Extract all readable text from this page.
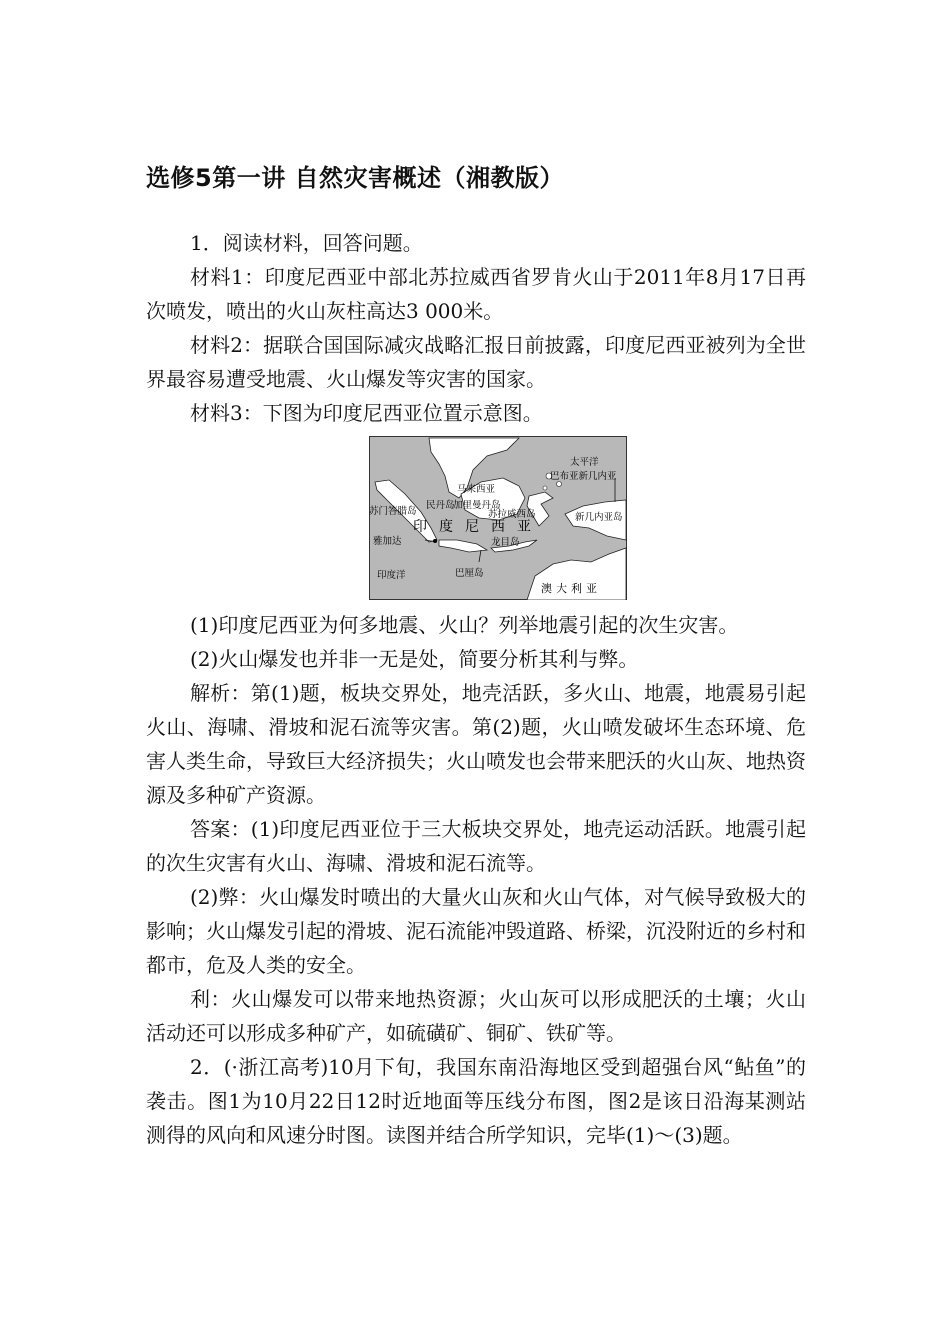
选修5第一讲 自然灾害概述（湘教版）

1．阅读材料，回答问题。

材料1：印度尼西亚中部北苏拉威西省罗肯火山于2011年8月17日再次喷发，喷出的火山灰柱高达3 000米。

材料2：据联合国国际减灾战略汇报日前披露，印度尼西亚被列为全世界最容易遭受地震、火山爆发等灾害的国家。

材料3：下图为印度尼西亚位置示意图。

太平洋
巴布亚新几内亚
马来西亚
民丹岛
加里曼丹岛
苏门答腊岛	苏拉威西岛	新几内亚岛
印度尼西亚
雅加达	龙目岛
印度洋	巴厘岛
澳大利亚

(1)印度尼西亚为何多地震、火山？列举地震引起的次生灾害。

(2)火山爆发也并非一无是处，简要分析其利与弊。

解析：第(1)题，板块交界处，地壳活跃，多火山、地震，地震易引起火山、海啸、滑坡和泥石流等灾害。第(2)题，火山喷发破坏生态环境、危害人类生命，导致巨大经济损失；火山喷发也会带来肥沃的火山灰、地热资源及多种矿产资源。

答案：(1)印度尼西亚位于三大板块交界处，地壳运动活跃。地震引起的次生灾害有火山、海啸、滑坡和泥石流等。

(2)弊：火山爆发时喷出的大量火山灰和火山气体，对气候导致极大的影响；火山爆发引起的滑坡、泥石流能冲毁道路、桥梁，沉没附近的乡村和都市，危及人类的安全。

利：火山爆发可以带来地热资源；火山灰可以形成肥沃的土壤；火山活动还可以形成多种矿产，如硫磺矿、铜矿、铁矿等。

2．(·浙江高考)10月下旬，我国东南沿海地区受到超强台风“鲇鱼”的袭击。图1为10月22日12时近地面等压线分布图，图2是该日沿海某测站测得的风向和风速分时图。读图并结合所学知识，完毕(1)～(3)题。
